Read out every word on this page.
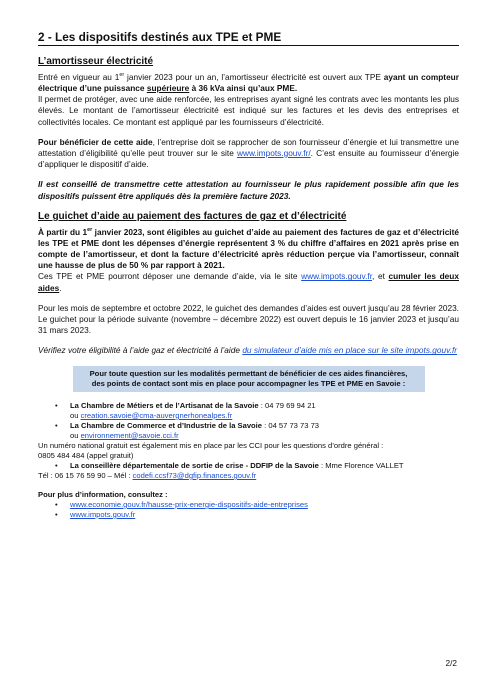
2 - Les dispositifs destinés aux TPE et PME
L’amortisseur électricité

Entré en vigueur au 1er janvier 2023 pour un an, l’amortisseur électricité est ouvert aux TPE ayant un compteur électrique d’une puissance supérieure à 36 kVa ainsi qu’aux PME.

Il permet de protéger, avec une aide renforcée, les entreprises ayant signé les contrats avec les montants les plus élevés. Le montant de l’amortisseur électricité est indiqué sur les factures et les devis des entreprises et collectivités locales. Ce montant est appliqué par les fournisseurs d’électricité.

Pour bénéficier de cette aide, l’entreprise doit se rapprocher de son fournisseur d’énergie et lui transmettre une attestation d’éligibilité qu’elle peut trouver sur le site www.impots.gouv.fr/. C’est ensuite au fournisseur d’énergie d’appliquer le dispositif d’aide.

Il est conseillé de transmettre cette attestation au fournisseur le plus rapidement possible afin que les dispositifs puissent être appliqués dès la première facture 2023.

Le guichet d’aide au paiement des factures de gaz et d’électricité

À partir du 1er janvier 2023, sont éligibles au guichet d’aide au paiement des factures de gaz et d’électricité les TPE et PME dont les dépenses d’énergie représentent 3 % du chiffre d’affaires en 2021 après prise en compte de l’amortisseur, et dont la facture d’électricité après réduction perçue via l’amortisseur, connaît une hausse de plus de 50 % par rapport à 2021.

Ces TPE et PME pourront déposer une demande d’aide, via le site www.impots.gouv.fr, et cumuler les deux aides.

Pour les mois de septembre et octobre 2022, le guichet des demandes d’aides est ouvert jusqu’au 28 février 2023. Le guichet pour la période suivante (novembre – décembre 2022) est ouvert depuis le 16 janvier 2023 et jusqu’au 31 mars 2023.

Vérifiez votre éligibilité à l’aide gaz et électricité à l’aide du simulateur d’aide mis en place sur le site impots.gouv.fr

Pour toute question sur les modalités permettant de bénéficier de ces aides financières,
des points de contact sont mis en place pour accompagner les TPE et PME en Savoie :
• La Chambre de Métiers et de l’Artisanat de la Savoie : 04 79 69 94 21
ou creation.savoie@cma-auvergnerhonealpes.fr
• La Chambre de Commerce et d’Industrie de la Savoie : 04 57 73 73 73
ou environnement@savoie.cci.fr
Un numéro national gratuit est également mis en place par les CCI pour les questions d’ordre général :
0805 484 484 (appel gratuit)
• La conseillère départementale de sortie de crise - DDFIP de la Savoie : Mme Florence VALLET
Tél : 06 15 76 59 90 – Mél : codefi.ccsf73@dgfip.finances.gouv.fr
Pour plus d’information, consultez :
• www.economie.gouv.fr/hausse-prix-energie-dispositifs-aide-entreprises
• www.impots.gouv.fr
2/2
